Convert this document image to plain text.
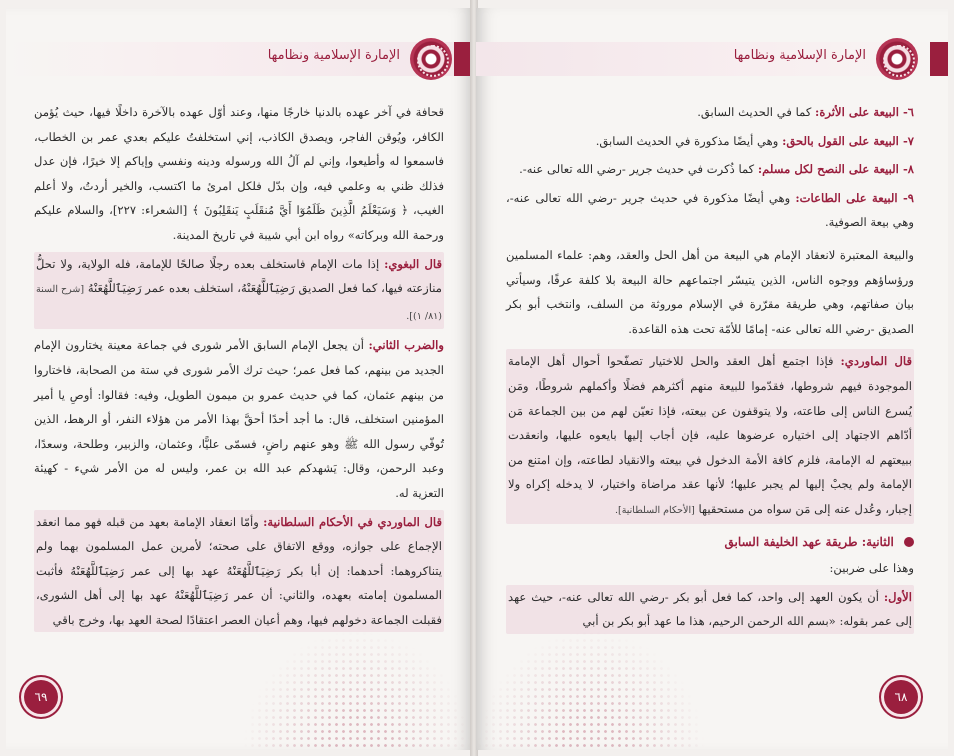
الإمارة الإسلامية ونظامها

قحافة في آخر عهده بالدنيا خارجًا منها، وعند أوّل عهده بالآخرة داخلًا فيها، حيث يُؤمن الكافر، ويُوقن الفاجر، ويصدق الكاذب، إني استخلفتُ عليكم بعدي عمر بن الخطاب، فاسمعوا له وأطيعوا، وإني لم آلُ الله ورسوله ودينه ونفسي وإياكم إلا خيرًا، فإن عدل فذلك ظني به وعلمي فيه، وإن بدّل فلكل امرئ ما اكتسب، والخير أردتُ، ولا أعلم الغيب، ﴿ وَسَيَعْلَمُ الَّذِينَ ظَلَمُوٓا أَيَّ مُنقَلَبٍ يَنقَلِبُونَ ﴾ [الشعراء: ٢٢٧]، والسلام عليكم ورحمة الله وبركاته» رواه ابن أبي شيبة في تاريخ المدينة.

قال البغوي: إذا مات الإمام فاستخلف بعده رجلًا صالحًا للإمامة، فله الولاية، ولا تحلُّ منازعته فيها، كما فعل الصديق رَضِيَٱللَّهُعَنْهُ، استخلف بعده عمر رَضِيَٱللَّهُعَنْهُ [شرح السنة (٨١/ ١)].

والضرب الثاني: أن يجعل الإمام السابق الأمر شورى في جماعة معينة يختارون الإمام الجديد من بينهم، كما فعل عمر؛ حيث ترك الأمر شورى في ستة من الصحابة، فاختاروا من بينهم عثمان، كما في حديث عمرو بن ميمون الطويل، وفيه: فقالوا: أوصِ يا أمير المؤمنين استخلف، قال: ما أجد أحدًا أحقَّ بهذا الأمر من هؤلاء النفر، أو الرهط، الذين تُوفّي رسول الله ﷺ وهو عنهم راضٍ، فسمّى عليًّا، وعثمان، والزبير، وطلحة، وسعدًا، وعبد الرحمن، وقال: يَشهدكم عبد الله بن عمر، وليس له من الأمر شيء - كهيئة التعزية له.

قال الماوردي في الأحكام السلطانية: وأمّا انعقاد الإمامة بعهد من قبله فهو مما انعقد الإجماع على جوازه، ووقع الاتفاق على صحته؛ لأمرين عمل المسلمون بهما ولم يتناكروهما: أحدهما: إن أبا بكر رَضِيَٱللَّهُعَنْهُ عهد بها إلى عمر رَضِيَٱللَّهُعَنْهُ فأثبت المسلمون إمامته بعهده، والثاني: أن عمر رَضِيَٱللَّهُعَنْهُ عهد بها إلى أهل الشورى، فقبلت الجماعة دخولهم فيها، وهم أعيان العصر اعتقادًا لصحة العهد بها، وخرج باقي

٦٩
الإمارة الإسلامية ونظامها

٦- البيعة على الأثرة: كما في الحديث السابق.

٧- البيعة على القول بالحق: وهي أيضًا مذكورة في الحديث السابق.

٨- البيعة على النصح لكل مسلم: كما ذُكرت في حديث جرير -رضي الله تعالى عنه-.

٩- البيعة على الطاعات: وهي أيضًا مذكورة في حديث جرير -رضي الله تعالى عنه-، وهي بيعة الصوفية.

والبيعة المعتبرة لانعقاد الإمام هي البيعة من أهل الحل والعقد، وهم: علماء المسلمين ورؤساؤهم ووجوه الناس، الذين يتيسّر اجتماعهم حالة البيعة بلا كلفة عرفًا، وسيأتي بيان صفاتهم، وهي طريقة مقرّرة في الإسلام موروثة من السلف، وانتخب أبو بكر الصديق -رضي الله تعالى عنه- إمامًا للأمّة تحت هذه القاعدة.

قال الماوردي: فإذا اجتمع أهل العقد والحل للاختيار تصفّحوا أحوال أهل الإمامة الموجودة فيهم شروطها، فقدّموا للبيعة منهم أكثرهم فضلًا وأكملهم شروطًا، ومَن يُسرع الناس إلى طاعته، ولا يتوقفون عن بيعته، فإذا تعيّن لهم من بين الجماعة مَن أدّاهم الاجتهاد إلى اختياره عرضوها عليه، فإن أجاب إليها بايعوه عليها، وانعقدت ببيعتهم له الإمامة، فلزم كافة الأمة الدخول في بيعته والانقياد لطاعته، وإن امتنع من الإمامة ولم يجبْ إليها لم يجبر عليها؛ لأنها عقد مراضاة واختيار، لا يدخله إكراه ولا إجبار، وعُدل عنه إلى مَن سواه من مستحقيها [الأحكام السلطانية].

الثانية: طريقة عهد الخليفة السابق

وهذا على ضربين:

الأول: أن يكون العهد إلى واحد، كما فعل أبو بكر -رضي الله تعالى عنه-، حيث عهد إلى عمر بقوله: «بسم الله الرحمن الرحيم، هذا ما عهد أبو بكر بن أبي

٦٨
